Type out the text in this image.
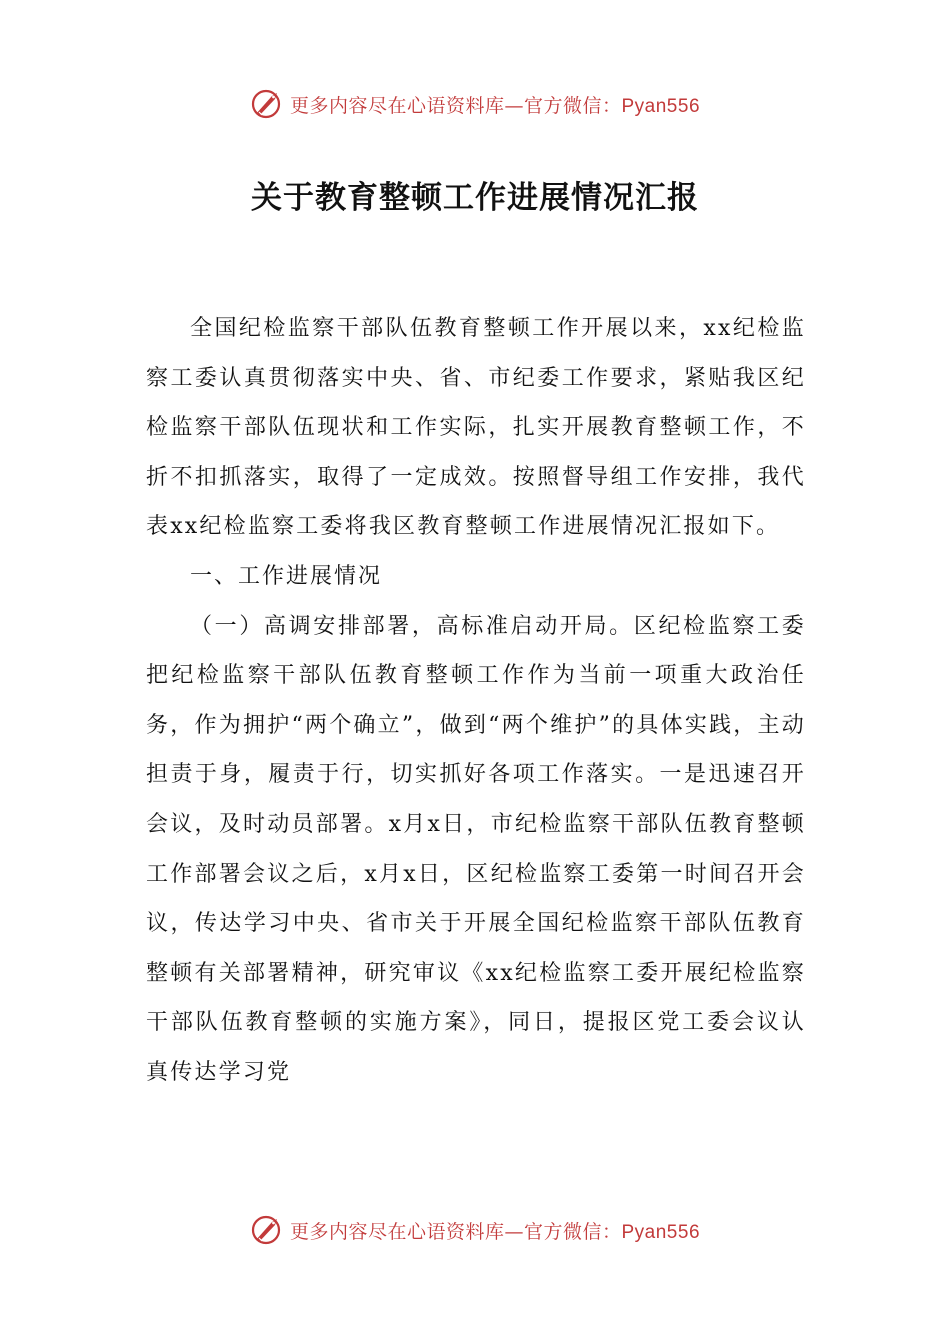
更多内容尽在心语资料库—官方微信：Pyan556
关于教育整顿工作进展情况汇报

全国纪检监察干部队伍教育整顿工作开展以来，xx纪检监察工委认真贯彻落实中央、省、市纪委工作要求，紧贴我区纪检监察干部队伍现状和工作实际，扎实开展教育整顿工作，不折不扣抓落实，取得了一定成效。按照督导组工作安排，我代表xx纪检监察工委将我区教育整顿工作进展情况汇报如下。

一、工作进展情况

（一）高调安排部署，高标准启动开局。区纪检监察工委把纪检监察干部队伍教育整顿工作作为当前一项重大政治任务，作为拥护“两个确立”，做到“两个维护”的具体实践，主动担责于身，履责于行，切实抓好各项工作落实。一是迅速召开会议，及时动员部署。x月x日，市纪检监察干部队伍教育整顿工作部署会议之后，x月x日，区纪检监察工委第一时间召开会议，传达学习中央、省市关于开展全国纪检监察干部队伍教育整顿有关部署精神，研究审议《xx纪检监察工委开展纪检监察干部队伍教育整顿的实施方案》，同日，提报区党工委会议认真传达学习党

更多内容尽在心语资料库—官方微信：Pyan556
